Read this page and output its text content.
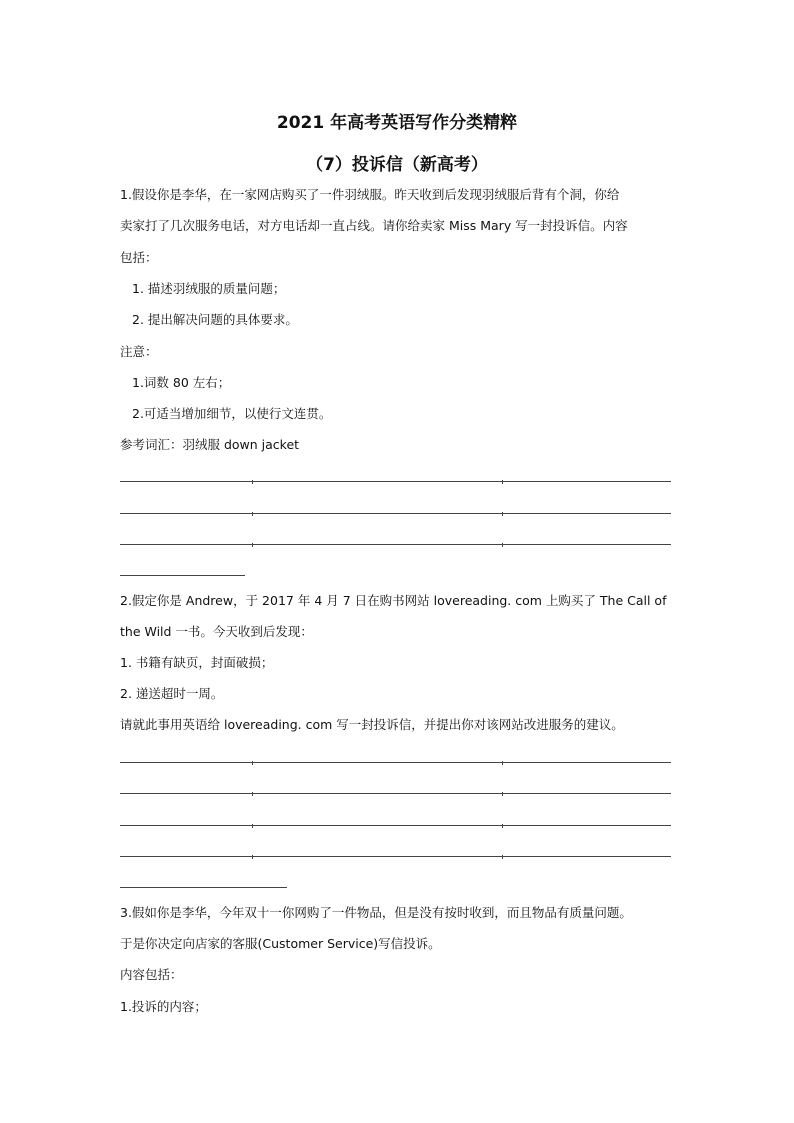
2021 年高考英语写作分类精粹
（7）投诉信（新高考）
1.假设你是李华，在一家网店购买了一件羽绒服。昨天收到后发现羽绒服后背有个洞，你给
卖家打了几次服务电话，对方电话却一直占线。请你给卖家 Miss Mary 写一封投诉信。内容
包括：
1. 描述羽绒服的质量问题；
2. 提出解决问题的具体要求。
注意：
1.词数 80 左右；
2.可适当增加细节，以使行文连贯。
参考词汇：羽绒服 down jacket
2.假定你是 Andrew，于 2017 年 4 月 7 日在购书网站 lovereading. com 上购买了 The Call of
the Wild 一书。今天收到后发现：
1. 书籍有缺页，封面破损；
2. 递送超时一周。
请就此事用英语给 lovereading. com 写一封投诉信，并提出你对该网站改进服务的建议。
3.假如你是李华，今年双十一你网购了一件物品，但是没有按时收到，而且物品有质量问题。
于是你决定向店家的客服(Customer Service)写信投诉。
内容包括：
1.投诉的内容；
